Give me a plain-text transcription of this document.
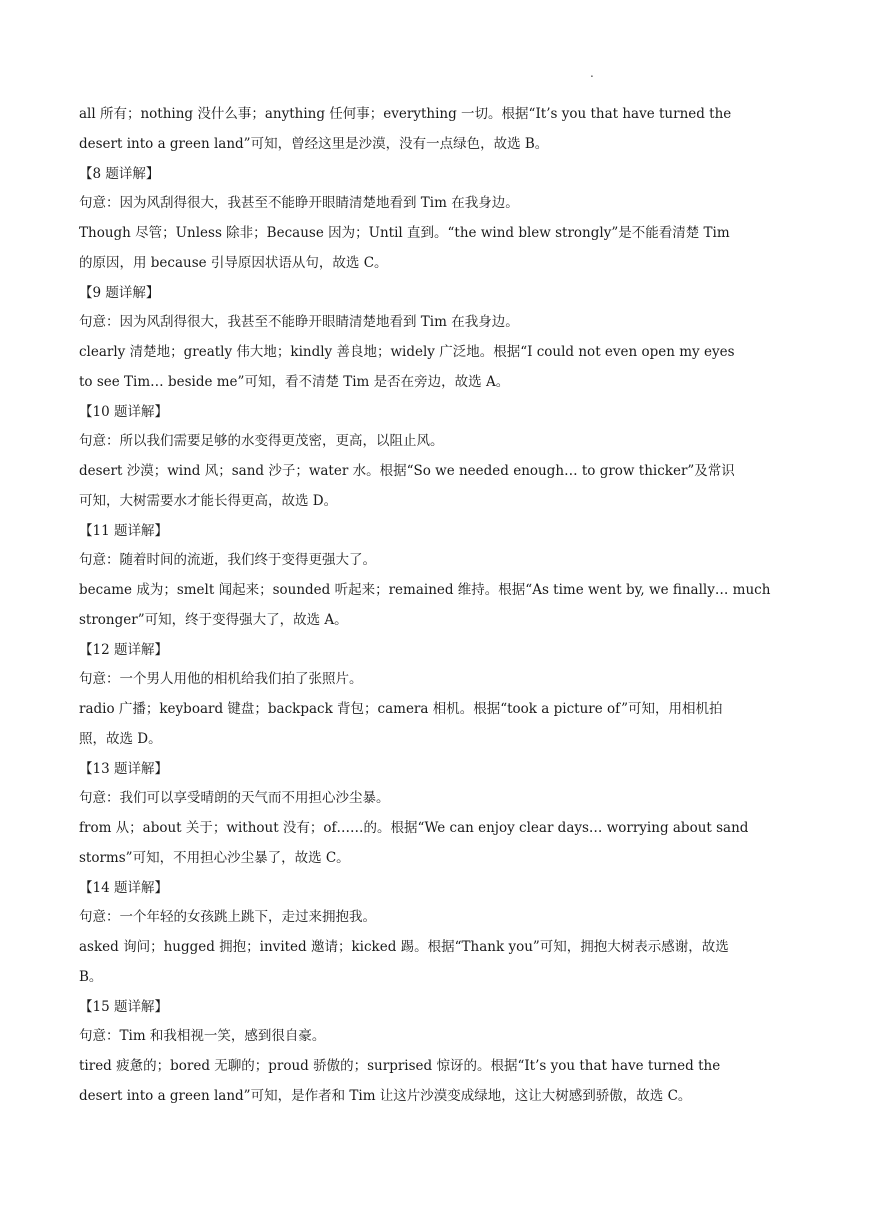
.
all 所有；nothing 没什么事；anything 任何事；everything 一切。根据“It’s you that have turned the
desert into a green land”可知，曾经这里是沙漠，没有一点绿色，故选 B。
【8 题详解】
句意：因为风刮得很大，我甚至不能睁开眼睛清楚地看到 Tim 在我身边。
Though 尽管；Unless 除非；Because 因为；Until 直到。“the wind blew strongly”是不能看清楚 Tim
的原因，用 because 引导原因状语从句，故选 C。
【9 题详解】
句意：因为风刮得很大，我甚至不能睁开眼睛清楚地看到 Tim 在我身边。
clearly 清楚地；greatly 伟大地；kindly 善良地；widely 广泛地。根据“I could not even open my eyes
to see Tim… beside me”可知，看不清楚 Tim 是否在旁边，故选 A。
【10 题详解】
句意：所以我们需要足够的水变得更茂密，更高，以阻止风。
desert 沙漠；wind 风；sand 沙子；water 水。根据“So we needed enough… to grow thicker”及常识
可知，大树需要水才能长得更高，故选 D。
【11 题详解】
句意：随着时间的流逝，我们终于变得更强大了。
became 成为；smelt 闻起来；sounded 听起来；remained 维持。根据“As time went by, we finally… much
stronger”可知，终于变得强大了，故选 A。
【12 题详解】
句意：一个男人用他的相机给我们拍了张照片。
radio 广播；keyboard 键盘；backpack 背包；camera 相机。根据“took a picture of”可知，用相机拍
照，故选 D。
【13 题详解】
句意：我们可以享受晴朗的天气而不用担心沙尘暴。
from 从；about 关于；without 没有；of……的。根据“We can enjoy clear days… worrying about sand
storms”可知，不用担心沙尘暴了，故选 C。
【14 题详解】
句意：一个年轻的女孩跳上跳下，走过来拥抱我。
asked 询问；hugged 拥抱；invited 邀请；kicked 踢。根据“Thank you”可知，拥抱大树表示感谢，故选
B。
【15 题详解】
句意：Tim 和我相视一笑，感到很自豪。
tired 疲惫的；bored 无聊的；proud 骄傲的；surprised 惊讶的。根据“It’s you that have turned the
desert into a green land”可知，是作者和 Tim 让这片沙漠变成绿地，这让大树感到骄傲，故选 C。
